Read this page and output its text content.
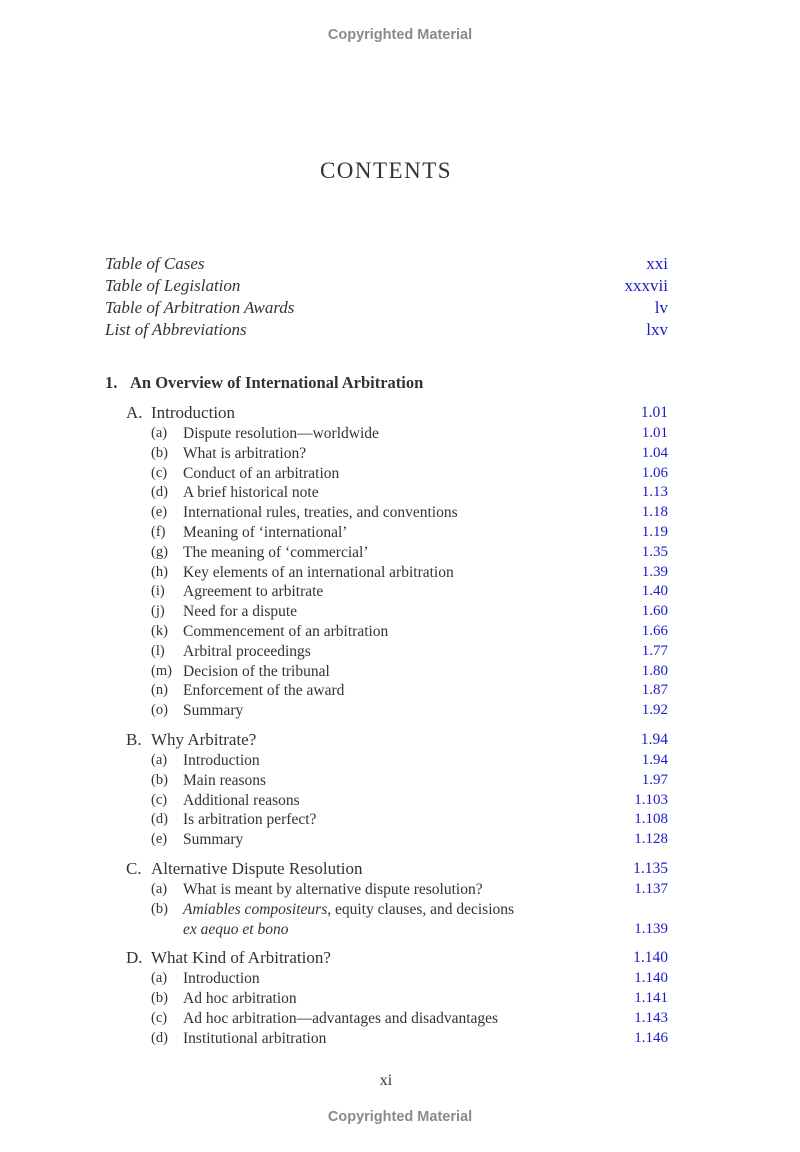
Copyrighted Material
CONTENTS
Table of Cases	xxi
Table of Legislation	xxxvii
Table of Arbitration Awards	lv
List of Abbreviations	lxv
1. An Overview of International Arbitration
A. Introduction	1.01
(a) Dispute resolution—worldwide	1.01
(b) What is arbitration?	1.04
(c) Conduct of an arbitration	1.06
(d) A brief historical note	1.13
(e) International rules, treaties, and conventions	1.18
(f) Meaning of ‘international’	1.19
(g) The meaning of ‘commercial’	1.35
(h) Key elements of an international arbitration	1.39
(i) Agreement to arbitrate	1.40
(j) Need for a dispute	1.60
(k) Commencement of an arbitration	1.66
(l) Arbitral proceedings	1.77
(m) Decision of the tribunal	1.80
(n) Enforcement of the award	1.87
(o) Summary	1.92
B. Why Arbitrate?	1.94
(a) Introduction	1.94
(b) Main reasons	1.97
(c) Additional reasons	1.103
(d) Is arbitration perfect?	1.108
(e) Summary	1.128
C. Alternative Dispute Resolution	1.135
(a) What is meant by alternative dispute resolution?	1.137
(b) Amiables compositeurs, equity clauses, and decisions
ex aequo et bono	1.139
D. What Kind of Arbitration?	1.140
(a) Introduction	1.140
(b) Ad hoc arbitration	1.141
(c) Ad hoc arbitration—advantages and disadvantages	1.143
(d) Institutional arbitration	1.146
xi
Copyrighted Material
